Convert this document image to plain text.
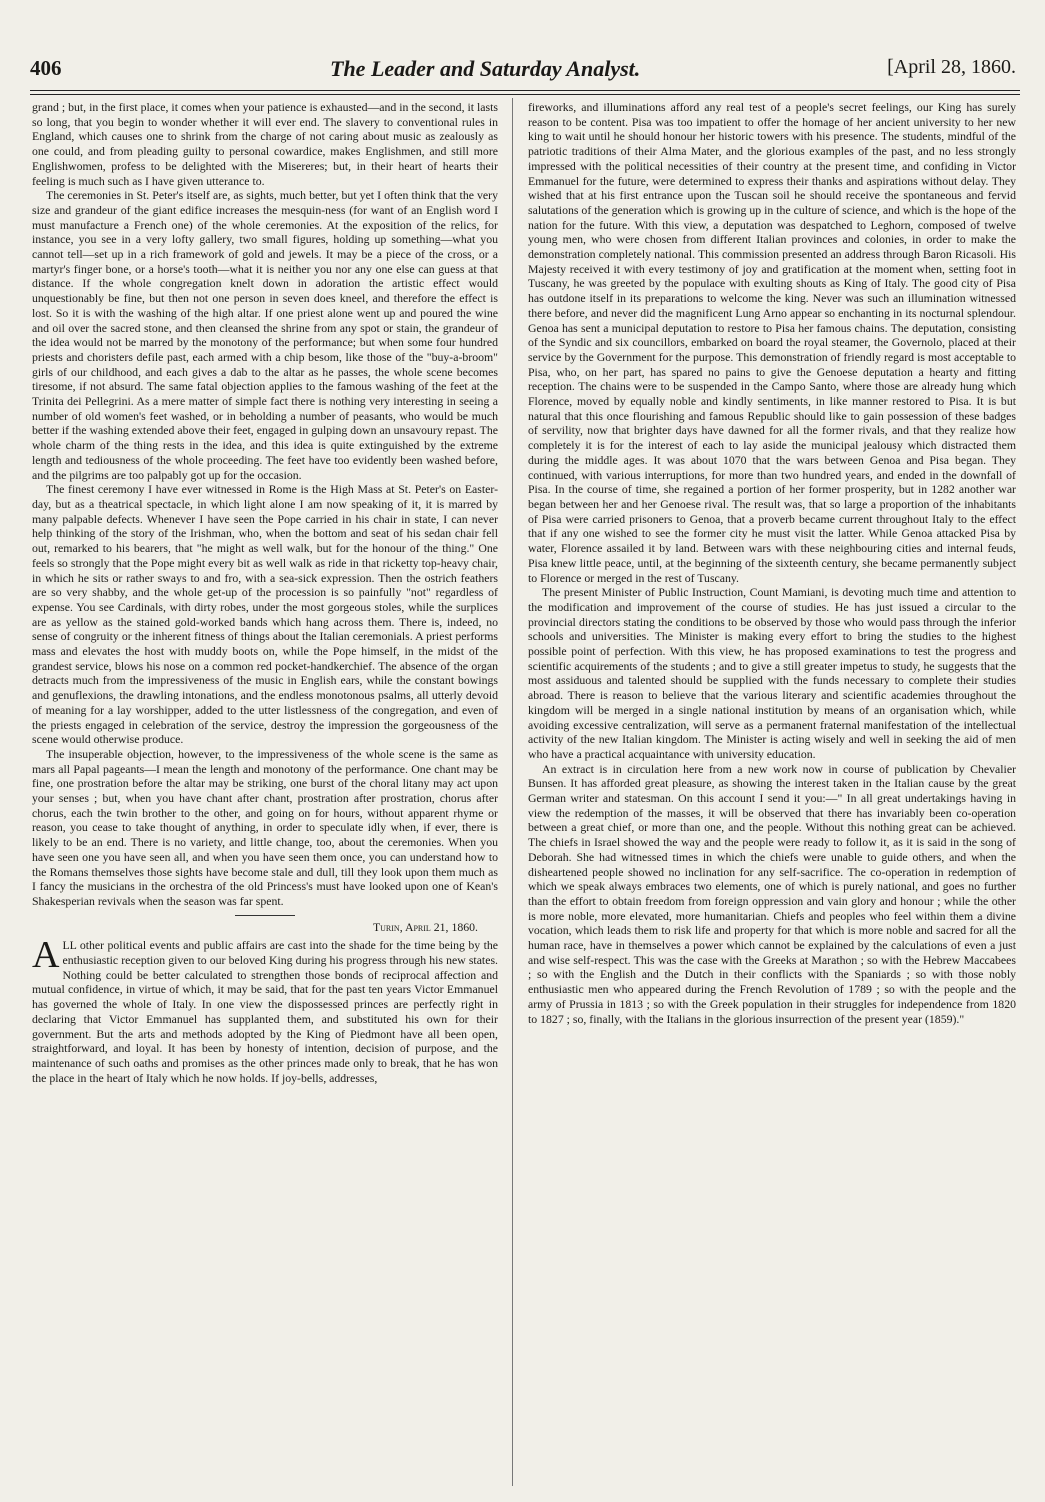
406	The Leader and Saturday Analyst.	[April 28, 1860.

grand ; but, in the first place, it comes when your patience is exhausted—and in the second, it lasts so long, that you begin to wonder whether it will ever end. The slavery to conventional rules in England, which causes one to shrink from the charge of not caring about music as zealously as one could, and from pleading guilty to personal cowardice, makes Englishmen, and still more Englishwomen, profess to be delighted with the Misereres; but, in their heart of hearts their feeling is much such as I have given utterance to.

The ceremonies in St. Peter's itself are, as sights, much better, but yet I often think that the very size and grandeur of the giant edifice increases the mesquin-ness (for want of an English word I must manufacture a French one) of the whole ceremonies. At the exposition of the relics, for instance, you see in a very lofty gallery, two small figures, holding up something—what you cannot tell—set up in a rich framework of gold and jewels. It may be a piece of the cross, or a martyr's finger bone, or a horse's tooth—what it is neither you nor any one else can guess at that distance. If the whole congregation knelt down in adoration the artistic effect would unquestionably be fine, but then not one person in seven does kneel, and therefore the effect is lost. So it is with the washing of the high altar. If one priest alone went up and poured the wine and oil over the sacred stone, and then cleansed the shrine from any spot or stain, the grandeur of the idea would not be marred by the monotony of the performance; but when some four hundred priests and choristers defile past, each armed with a chip besom, like those of the "buy-a-broom" girls of our childhood, and each gives a dab to the altar as he passes, the whole scene becomes tiresome, if not absurd. The same fatal objection applies to the famous washing of the feet at the Trinita dei Pellegrini. As a mere matter of simple fact there is nothing very interesting in seeing a number of old women's feet washed, or in beholding a number of peasants, who would be much better if the washing extended above their feet, engaged in gulping down an unsavoury repast. The whole charm of the thing rests in the idea, and this idea is quite extinguished by the extreme length and tediousness of the whole proceeding. The feet have too evidently been washed before, and the pilgrims are too palpably got up for the occasion.

The finest ceremony I have ever witnessed in Rome is the High Mass at St. Peter's on Easter-day, but as a theatrical spectacle, in which light alone I am now speaking of it, it is marred by many palpable defects. Whenever I have seen the Pope carried in his chair in state, I can never help thinking of the story of the Irishman, who, when the bottom and seat of his sedan chair fell out, remarked to his bearers, that "he might as well walk, but for the honour of the thing." One feels so strongly that the Pope might every bit as well walk as ride in that ricketty top-heavy chair, in which he sits or rather sways to and fro, with a sea-sick expression. Then the ostrich feathers are so very shabby, and the whole get-up of the procession is so painfully "not" regardless of expense. You see Cardinals, with dirty robes, under the most gorgeous stoles, while the surplices are as yellow as the stained gold-worked bands which hang across them. There is, indeed, no sense of congruity or the inherent fitness of things about the Italian ceremonials. A priest performs mass and elevates the host with muddy boots on, while the Pope himself, in the midst of the grandest service, blows his nose on a common red pocket-handkerchief. The absence of the organ detracts much from the impressiveness of the music in English ears, while the constant bowings and genuflexions, the drawling intonations, and the endless monotonous psalms, all utterly devoid of meaning for a lay worshipper, added to the utter listlessness of the congregation, and even of the priests engaged in celebration of the service, destroy the impression the gorgeousness of the scene would otherwise produce.

The insuperable objection, however, to the impressiveness of the whole scene is the same as mars all Papal pageants—I mean the length and monotony of the performance. One chant may be fine, one prostration before the altar may be striking, one burst of the choral litany may act upon your senses ; but, when you have chant after chant, prostration after prostration, chorus after chorus, each the twin brother to the other, and going on for hours, without apparent rhyme or reason, you cease to take thought of anything, in order to speculate idly when, if ever, there is likely to be an end. There is no variety, and little change, too, about the ceremonies. When you have seen one you have seen all, and when you have seen them once, you can understand how to the Romans themselves those sights have become stale and dull, till they look upon them much as I fancy the musicians in the orchestra of the old Princess's must have looked upon one of Kean's Shakesperian revivals when the season was far spent.

Turin, April 21, 1860.

ALL other political events and public affairs are cast into the shade for the time being by the enthusiastic reception given to our beloved King during his progress through his new states. Nothing could be better calculated to strengthen those bonds of reciprocal affection and mutual confidence, in virtue of which, it may be said, that for the past ten years Victor Emmanuel has governed the whole of Italy. In one view the dispossessed princes are perfectly right in declaring that Victor Emmanuel has supplanted them, and substituted his own for their government. But the arts and methods adopted by the King of Piedmont have all been open, straightforward, and loyal. It has been by honesty of intention, decision of purpose, and the maintenance of such oaths and promises as the other princes made only to break, that he has won the place in the heart of Italy which he now holds. If joy-bells, addresses,

fireworks, and illuminations afford any real test of a people's secret feelings, our King has surely reason to be content. Pisa was too impatient to offer the homage of her ancient university to her new king to wait until he should honour her historic towers with his presence. The students, mindful of the patriotic traditions of their Alma Mater, and the glorious examples of the past, and no less strongly impressed with the political necessities of their country at the present time, and confiding in Victor Emmanuel for the future, were determined to express their thanks and aspirations without delay. They wished that at his first entrance upon the Tuscan soil he should receive the spontaneous and fervid salutations of the generation which is growing up in the culture of science, and which is the hope of the nation for the future. With this view, a deputation was despatched to Leghorn, composed of twelve young men, who were chosen from different Italian provinces and colonies, in order to make the demonstration completely national. This commission presented an address through Baron Ricasoli. His Majesty received it with every testimony of joy and gratification at the moment when, setting foot in Tuscany, he was greeted by the populace with exulting shouts as King of Italy. The good city of Pisa has outdone itself in its preparations to welcome the king. Never was such an illumination witnessed there before, and never did the magnificent Lung Arno appear so enchanting in its nocturnal splendour. Genoa has sent a municipal deputation to restore to Pisa her famous chains. The deputation, consisting of the Syndic and six councillors, embarked on board the royal steamer, the Governolo, placed at their service by the Government for the purpose. This demonstration of friendly regard is most acceptable to Pisa, who, on her part, has spared no pains to give the Genoese deputation a hearty and fitting reception. The chains were to be suspended in the Campo Santo, where those are already hung which Florence, moved by equally noble and kindly sentiments, in like manner restored to Pisa. It is but natural that this once flourishing and famous Republic should like to gain possession of these badges of servility, now that brighter days have dawned for all the former rivals, and that they realize how completely it is for the interest of each to lay aside the municipal jealousy which distracted them during the middle ages. It was about 1070 that the wars between Genoa and Pisa began. They continued, with various interruptions, for more than two hundred years, and ended in the downfall of Pisa. In the course of time, she regained a portion of her former prosperity, but in 1282 another war began between her and her Genoese rival. The result was, that so large a proportion of the inhabitants of Pisa were carried prisoners to Genoa, that a proverb became current throughout Italy to the effect that if any one wished to see the former city he must visit the latter. While Genoa attacked Pisa by water, Florence assailed it by land. Between wars with these neighbouring cities and internal feuds, Pisa knew little peace, until, at the beginning of the sixteenth century, she became permanently subject to Florence or merged in the rest of Tuscany.

The present Minister of Public Instruction, Count Mamiani, is devoting much time and attention to the modification and improvement of the course of studies. He has just issued a circular to the provincial directors stating the conditions to be observed by those who would pass through the inferior schools and universities. The Minister is making every effort to bring the studies to the highest possible point of perfection. With this view, he has proposed examinations to test the progress and scientific acquirements of the students ; and to give a still greater impetus to study, he suggests that the most assiduous and talented should be supplied with the funds necessary to complete their studies abroad. There is reason to believe that the various literary and scientific academies throughout the kingdom will be merged in a single national institution by means of an organisation which, while avoiding excessive centralization, will serve as a permanent fraternal manifestation of the intellectual activity of the new Italian kingdom. The Minister is acting wisely and well in seeking the aid of men who have a practical acquaintance with university education.

An extract is in circulation here from a new work now in course of publication by Chevalier Bunsen. It has afforded great pleasure, as showing the interest taken in the Italian cause by the great German writer and statesman. On this account I send it you:—" In all great undertakings having in view the redemption of the masses, it will be observed that there has invariably been co-operation between a great chief, or more than one, and the people. Without this nothing great can be achieved. The chiefs in Israel showed the way and the people were ready to follow it, as it is said in the song of Deborah. She had witnessed times in which the chiefs were unable to guide others, and when the disheartened people showed no inclination for any self-sacrifice. The co-operation in redemption of which we speak always embraces two elements, one of which is purely national, and goes no further than the effort to obtain freedom from foreign oppression and vain glory and honour ; while the other is more noble, more elevated, more humanitarian. Chiefs and peoples who feel within them a divine vocation, which leads them to risk life and property for that which is more noble and sacred for all the human race, have in themselves a power which cannot be explained by the calculations of even a just and wise self-respect. This was the case with the Greeks at Marathon ; so with the Hebrew Maccabees ; so with the English and the Dutch in their conflicts with the Spaniards ; so with those nobly enthusiastic men who appeared during the French Revolution of 1789 ; so with the people and the army of Prussia in 1813 ; so with the Greek population in their struggles for independence from 1820 to 1827 ; so, finally, with the Italians in the glorious insurrection of the present year (1859)."
